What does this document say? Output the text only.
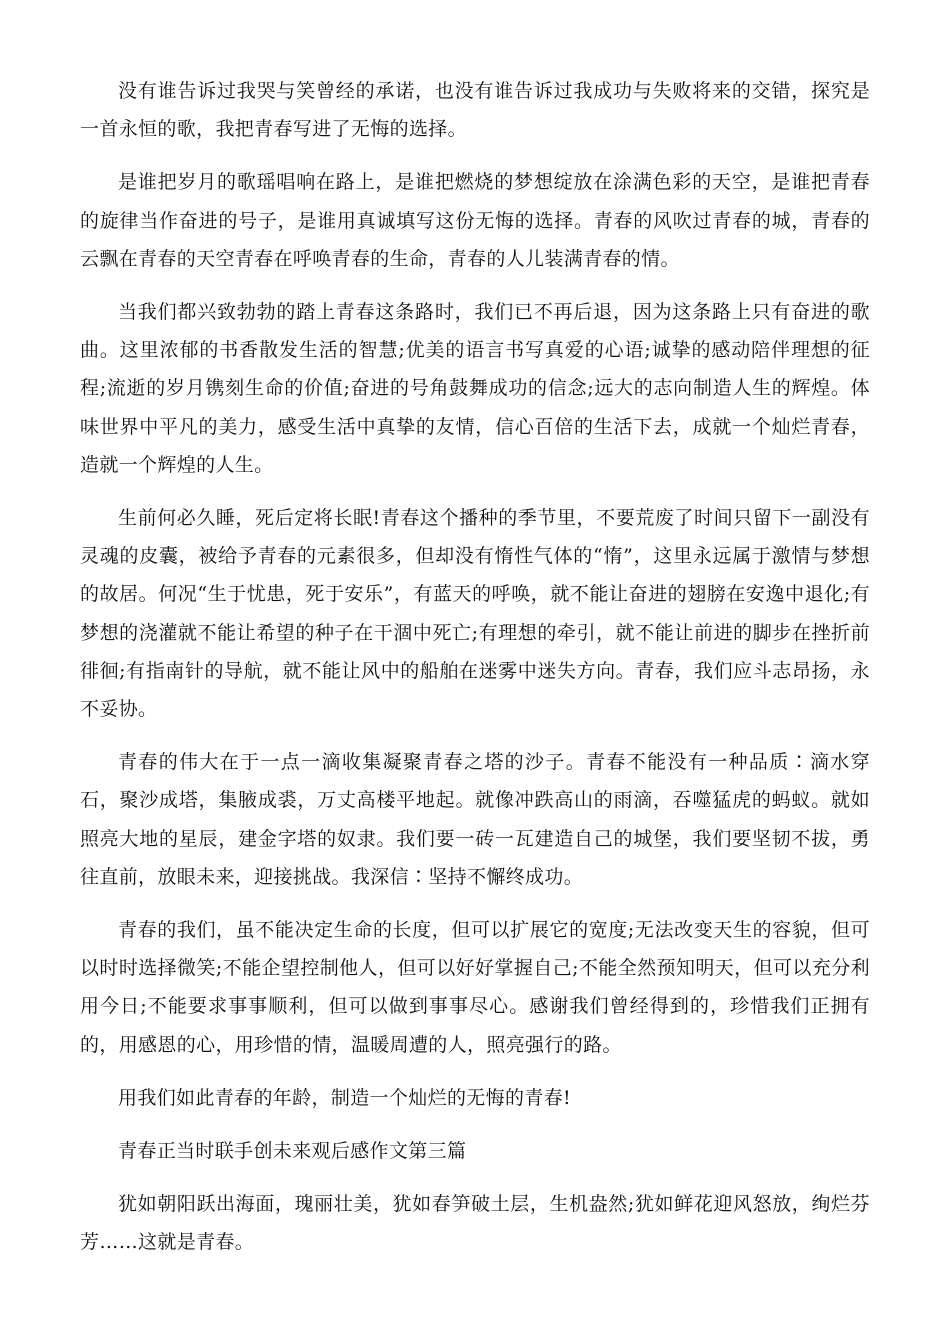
没有谁告诉过我哭与笑曾经的承诺，也没有谁告诉过我成功与失败将来的交错，探究是一首永恒的歌，我把青春写进了无悔的选择。

是谁把岁月的歌瑶唱响在路上，是谁把燃烧的梦想绽放在涂满色彩的天空，是谁把青春的旋律当作奋进的号子，是谁用真诚填写这份无悔的选择。青春的风吹过青春的城，青春的云飘在青春的天空青春在呼唤青春的生命，青春的人儿装满青春的情。

当我们都兴致勃勃的踏上青春这条路时，我们已不再后退，因为这条路上只有奋进的歌曲。这里浓郁的书香散发生活的智慧;优美的语言书写真爱的心语;诚挚的感动陪伴理想的征程;流逝的岁月镌刻生命的价值;奋进的号角鼓舞成功的信念;远大的志向制造人生的辉煌。体味世界中平凡的美力，感受生活中真挚的友情，信心百倍的生活下去，成就一个灿烂青春，造就一个辉煌的人生。

生前何必久睡，死后定将长眠!青春这个播种的季节里，不要荒废了时间只留下一副没有灵魂的皮囊，被给予青春的元素很多，但却没有惰性气体的“惰”，这里永远属于激情与梦想的故居。何况“生于忧患，死于安乐”，有蓝天的呼唤，就不能让奋进的翅膀在安逸中退化;有梦想的浇灌就不能让希望的种子在干涸中死亡;有理想的牵引，就不能让前进的脚步在挫折前徘徊;有指南针的导航，就不能让风中的船舶在迷雾中迷失方向。青春，我们应斗志昂扬，永不妥协。

青春的伟大在于一点一滴收集凝聚青春之塔的沙子。青春不能没有一种品质∶滴水穿石，聚沙成塔，集腋成裘，万丈高楼平地起。就像冲跌高山的雨滴，吞噬猛虎的蚂蚁。就如照亮大地的星辰，建金字塔的奴隶。我们要一砖一瓦建造自己的城堡，我们要坚韧不拔，勇往直前，放眼未来，迎接挑战。我深信∶坚持不懈终成功。

青春的我们，虽不能决定生命的长度，但可以扩展它的宽度;无法改变天生的容貌，但可以时时选择微笑;不能企望控制他人，但可以好好掌握自己;不能全然预知明天，但可以充分利用今日;不能要求事事顺利，但可以做到事事尽心。感谢我们曾经得到的，珍惜我们正拥有的，用感恩的心，用珍惜的情，温暖周遭的人，照亮强行的路。

用我们如此青春的年龄，制造一个灿烂的无悔的青春!

青春正当时联手创未来观后感作文第三篇

犹如朝阳跃出海面，瑰丽壮美，犹如春笋破土层，生机盎然;犹如鲜花迎风怒放，绚烂芬芳……这就是青春。
